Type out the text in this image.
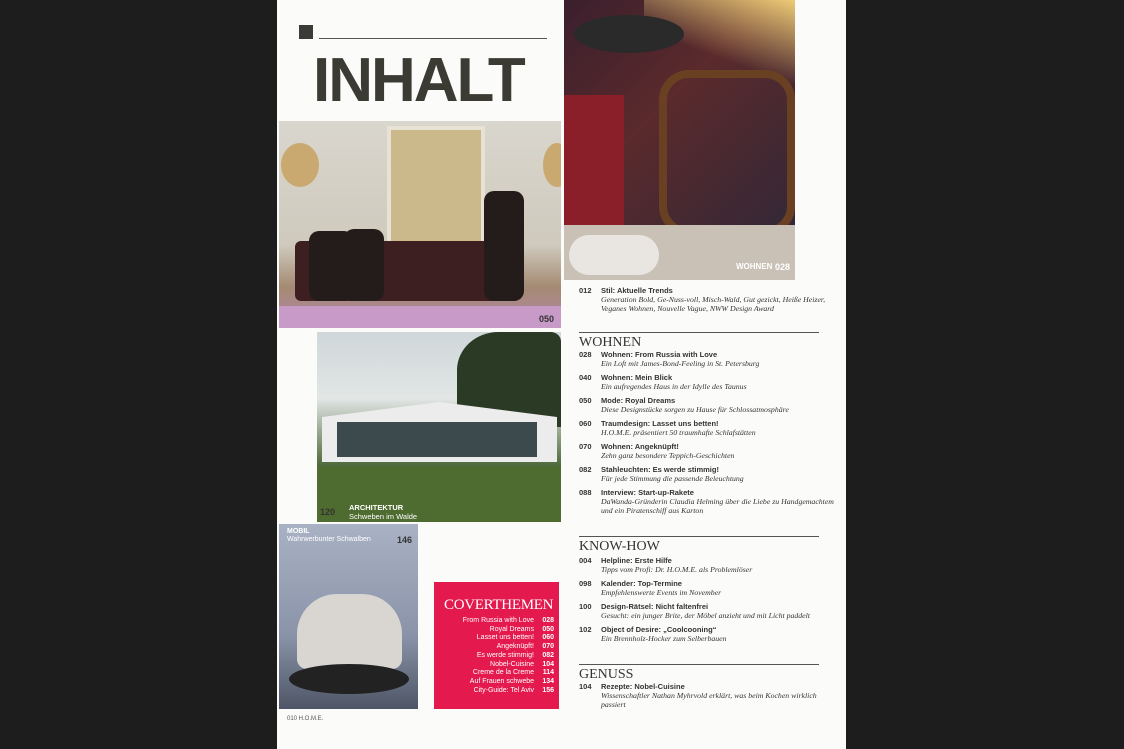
INHALT
050
WOHNEN 028
120 ARCHITEKTUR
Schweben im Walde
MOBIL
Wahrwerbunter Schwalben	146
COVERTHEMEN
From Russia with Love	028
Royal Dreams	050
Lasset uns betten!	060
Angeknüpft!	070
Es werde stimmig!	082
Nobel-Cuisine	104
Creme de la Creme	114
Auf Frauen schwebe	134
City-Guide: Tel Aviv	156
012	Stil: Aktuelle Trends
Generation Bold, Ge-Nuss-voll, Misch-Wald, Gut gezickt, Heiße Heizer, Veganes Wohnen, Nouvelle Vague, NWW Design Award
WOHNEN
028	Wohnen: From Russia with Love
Ein Loft mit James-Bond-Feeling in St. Petersburg
040	Wohnen: Mein Blick
Ein aufregendes Haus in der Idylle des Taunus
050	Mode: Royal Dreams
Diese Designstücke sorgen zu Hause für Schlossatmosphäre
060	Traumdesign: Lasset uns betten!
H.O.M.E. präsentiert 50 traumhafte Schlafstätten
070	Wohnen: Angeknüpft!
Zehn ganz besondere Teppich-Geschichten
082	Stahleuchten: Es werde stimmig!
Für jede Stimmung die passende Beleuchtung
088	Interview: Start-up-Rakete
DaWanda-Gründerin Claudia Helming über die Liebe zu Handgemachtem und ein Piratenschiff aus Karton
KNOW-HOW
004	Helpline: Erste Hilfe
Tipps vom Profi: Dr. H.O.M.E. als Problemlöser
098	Kalender: Top-Termine
Empfehlenswerte Events im November
100	Design-Rätsel: Nicht faltenfrei
Gesucht: ein junger Brite, der Möbel anzieht und mit Licht paddelt
102	Object of Desire: „Coolcooning“
Ein Brennholz-Hocker zum Selberbauen
GENUSS
104	Rezepte: Nobel-Cuisine
Wissenschaftler Nathan Myhrvold erklärt, was beim Kochen wirklich passiert
010 H.O.M.E.
